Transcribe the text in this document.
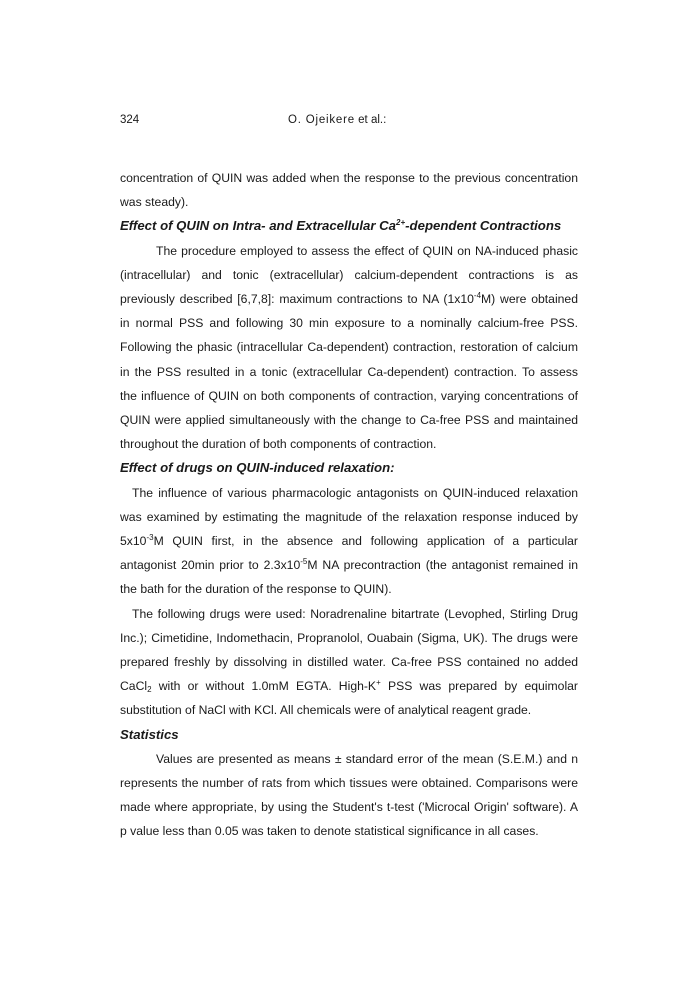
324	O. Ojeikere et al.:

concentration of QUIN was added when the response to the previous concentration was steady).

Effect of QUIN on Intra- and Extracellular $Ca^{2+}$-dependent Contractions

The procedure employed to assess the effect of QUIN on NA-induced phasic (intracellular) and tonic (extracellular) calcium-dependent contractions is as previously described [6,7,8]: maximum contractions to NA $(1x10^{-4}M)$ were obtained in normal PSS and following 30 min exposure to a nominally calcium-free PSS. Following the phasic (intracellular Ca-dependent) contraction, restoration of calcium in the PSS resulted in a tonic (extracellular Ca-dependent) contraction. To assess the influence of QUIN on both components of contraction, varying concentrations of QUIN were applied simultaneously with the change to Ca-free PSS and maintained throughout the duration of both components of contraction.

Effect of drugs on QUIN-induced relaxation:

The influence of various pharmacologic antagonists on QUIN-induced relaxation was examined by estimating the magnitude of the relaxation response induced by $5x10^{-3}M$ QUIN first, in the absence and following application of a particular antagonist 20min prior to $2.3x10^{-5}M$ NA precontraction (the antagonist remained in the bath for the duration of the response to QUIN).

The following drugs were used: Noradrenaline bitartrate (Levophed, Stirling Drug Inc.); Cimetidine, Indomethacin, Propranolol, Ouabain (Sigma, UK). The drugs were prepared freshly by dissolving in distilled water. Ca-free PSS contained no added CaCl$_2$ with or without 1.0mM EGTA. High-K+ PSS was prepared by equimolar substitution of NaCl with KCl. All chemicals were of analytical reagent grade.

Statistics

Values are presented as means ± standard error of the mean (S.E.M.) and n represents the number of rats from which tissues were obtained. Comparisons were made where appropriate, by using the Student's t-test ('Microcal Origin' software). A p value less than 0.05 was taken to denote statistical significance in all cases.
